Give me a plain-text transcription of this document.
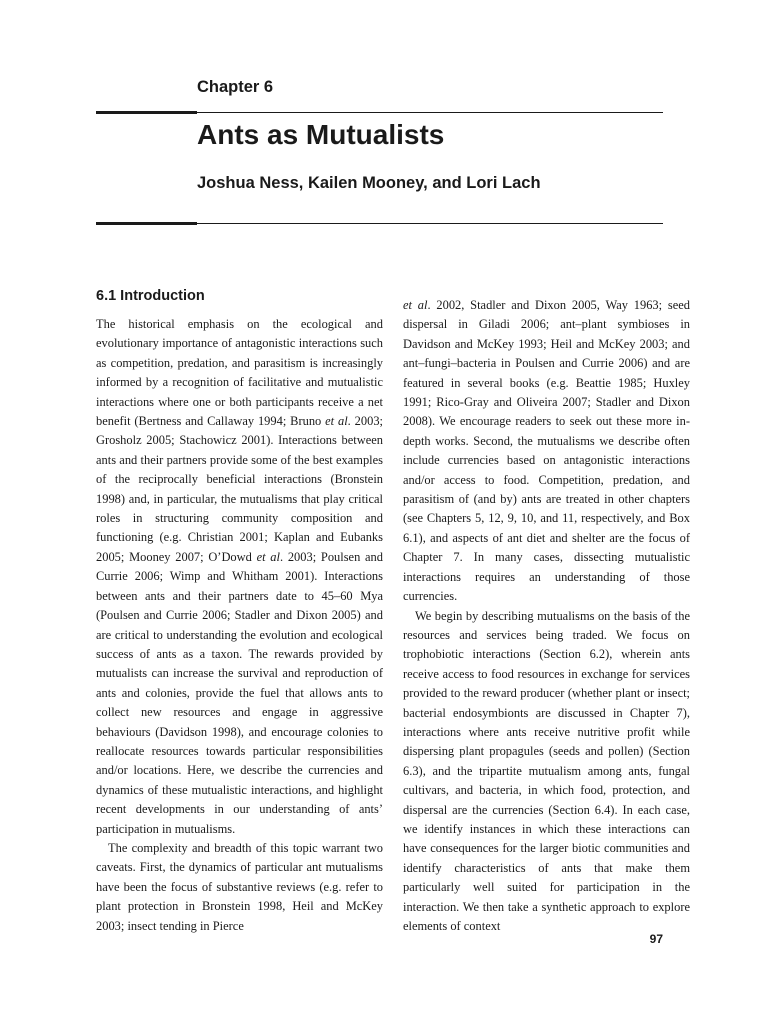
Chapter 6
Ants as Mutualists
Joshua Ness, Kailen Mooney, and Lori Lach
6.1 Introduction

The historical emphasis on the ecological and evolutionary importance of antagonistic interactions such as competition, predation, and parasitism is increasingly informed by a recognition of facilitative and mutualistic interactions where one or both participants receive a net benefit (Bertness and Callaway 1994; Bruno et al. 2003; Grosholz 2005; Stachowicz 2001). Interactions between ants and their partners provide some of the best examples of the reciprocally beneficial interactions (Bronstein 1998) and, in particular, the mutualisms that play critical roles in structuring community composition and functioning (e.g. Christian 2001; Kaplan and Eubanks 2005; Mooney 2007; O’Dowd et al. 2003; Poulsen and Currie 2006; Wimp and Whitham 2001). Interactions between ants and their partners date to 45–60 Mya (Poulsen and Currie 2006; Stadler and Dixon 2005) and are critical to understanding the evolution and ecological success of ants as a taxon. The rewards provided by mutualists can increase the survival and reproduction of ants and colonies, provide the fuel that allows ants to collect new resources and engage in aggressive behaviours (Davidson 1998), and encourage colonies to reallocate resources towards particular responsibilities and/or locations. Here, we describe the currencies and dynamics of these mutualistic interactions, and highlight recent developments in our understanding of ants’ participation in mutualisms.

The complexity and breadth of this topic warrant two caveats. First, the dynamics of particular ant mutualisms have been the focus of substantive reviews (e.g. refer to plant protection in Bronstein 1998, Heil and McKey 2003; insect tending in Pierce

et al. 2002, Stadler and Dixon 2005, Way 1963; seed dispersal in Giladi 2006; ant–plant symbioses in Davidson and McKey 1993; Heil and McKey 2003; and ant–fungi–bacteria in Poulsen and Currie 2006) and are featured in several books (e.g. Beattie 1985; Huxley 1991; Rico-Gray and Oliveira 2007; Stadler and Dixon 2008). We encourage readers to seek out these more in-depth works. Second, the mutualisms we describe often include currencies based on antagonistic interactions and/or access to food. Competition, predation, and parasitism of (and by) ants are treated in other chapters (see Chapters 5, 12, 9, 10, and 11, respectively, and Box 6.1), and aspects of ant diet and shelter are the focus of Chapter 7. In many cases, dissecting mutualistic interactions requires an understanding of those currencies.

We begin by describing mutualisms on the basis of the resources and services being traded. We focus on trophobiotic interactions (Section 6.2), wherein ants receive access to food resources in exchange for services provided to the reward producer (whether plant or insect; bacterial endosymbionts are discussed in Chapter 7), interactions where ants receive nutritive profit while dispersing plant propagules (seeds and pollen) (Section 6.3), and the tripartite mutualism among ants, fungal cultivars, and bacteria, in which food, protection, and dispersal are the currencies (Section 6.4). In each case, we identify instances in which these interactions can have consequences for the larger biotic communities and identify characteristics of ants that make them particularly well suited for participation in the interaction. We then take a synthetic approach to explore elements of context

97
